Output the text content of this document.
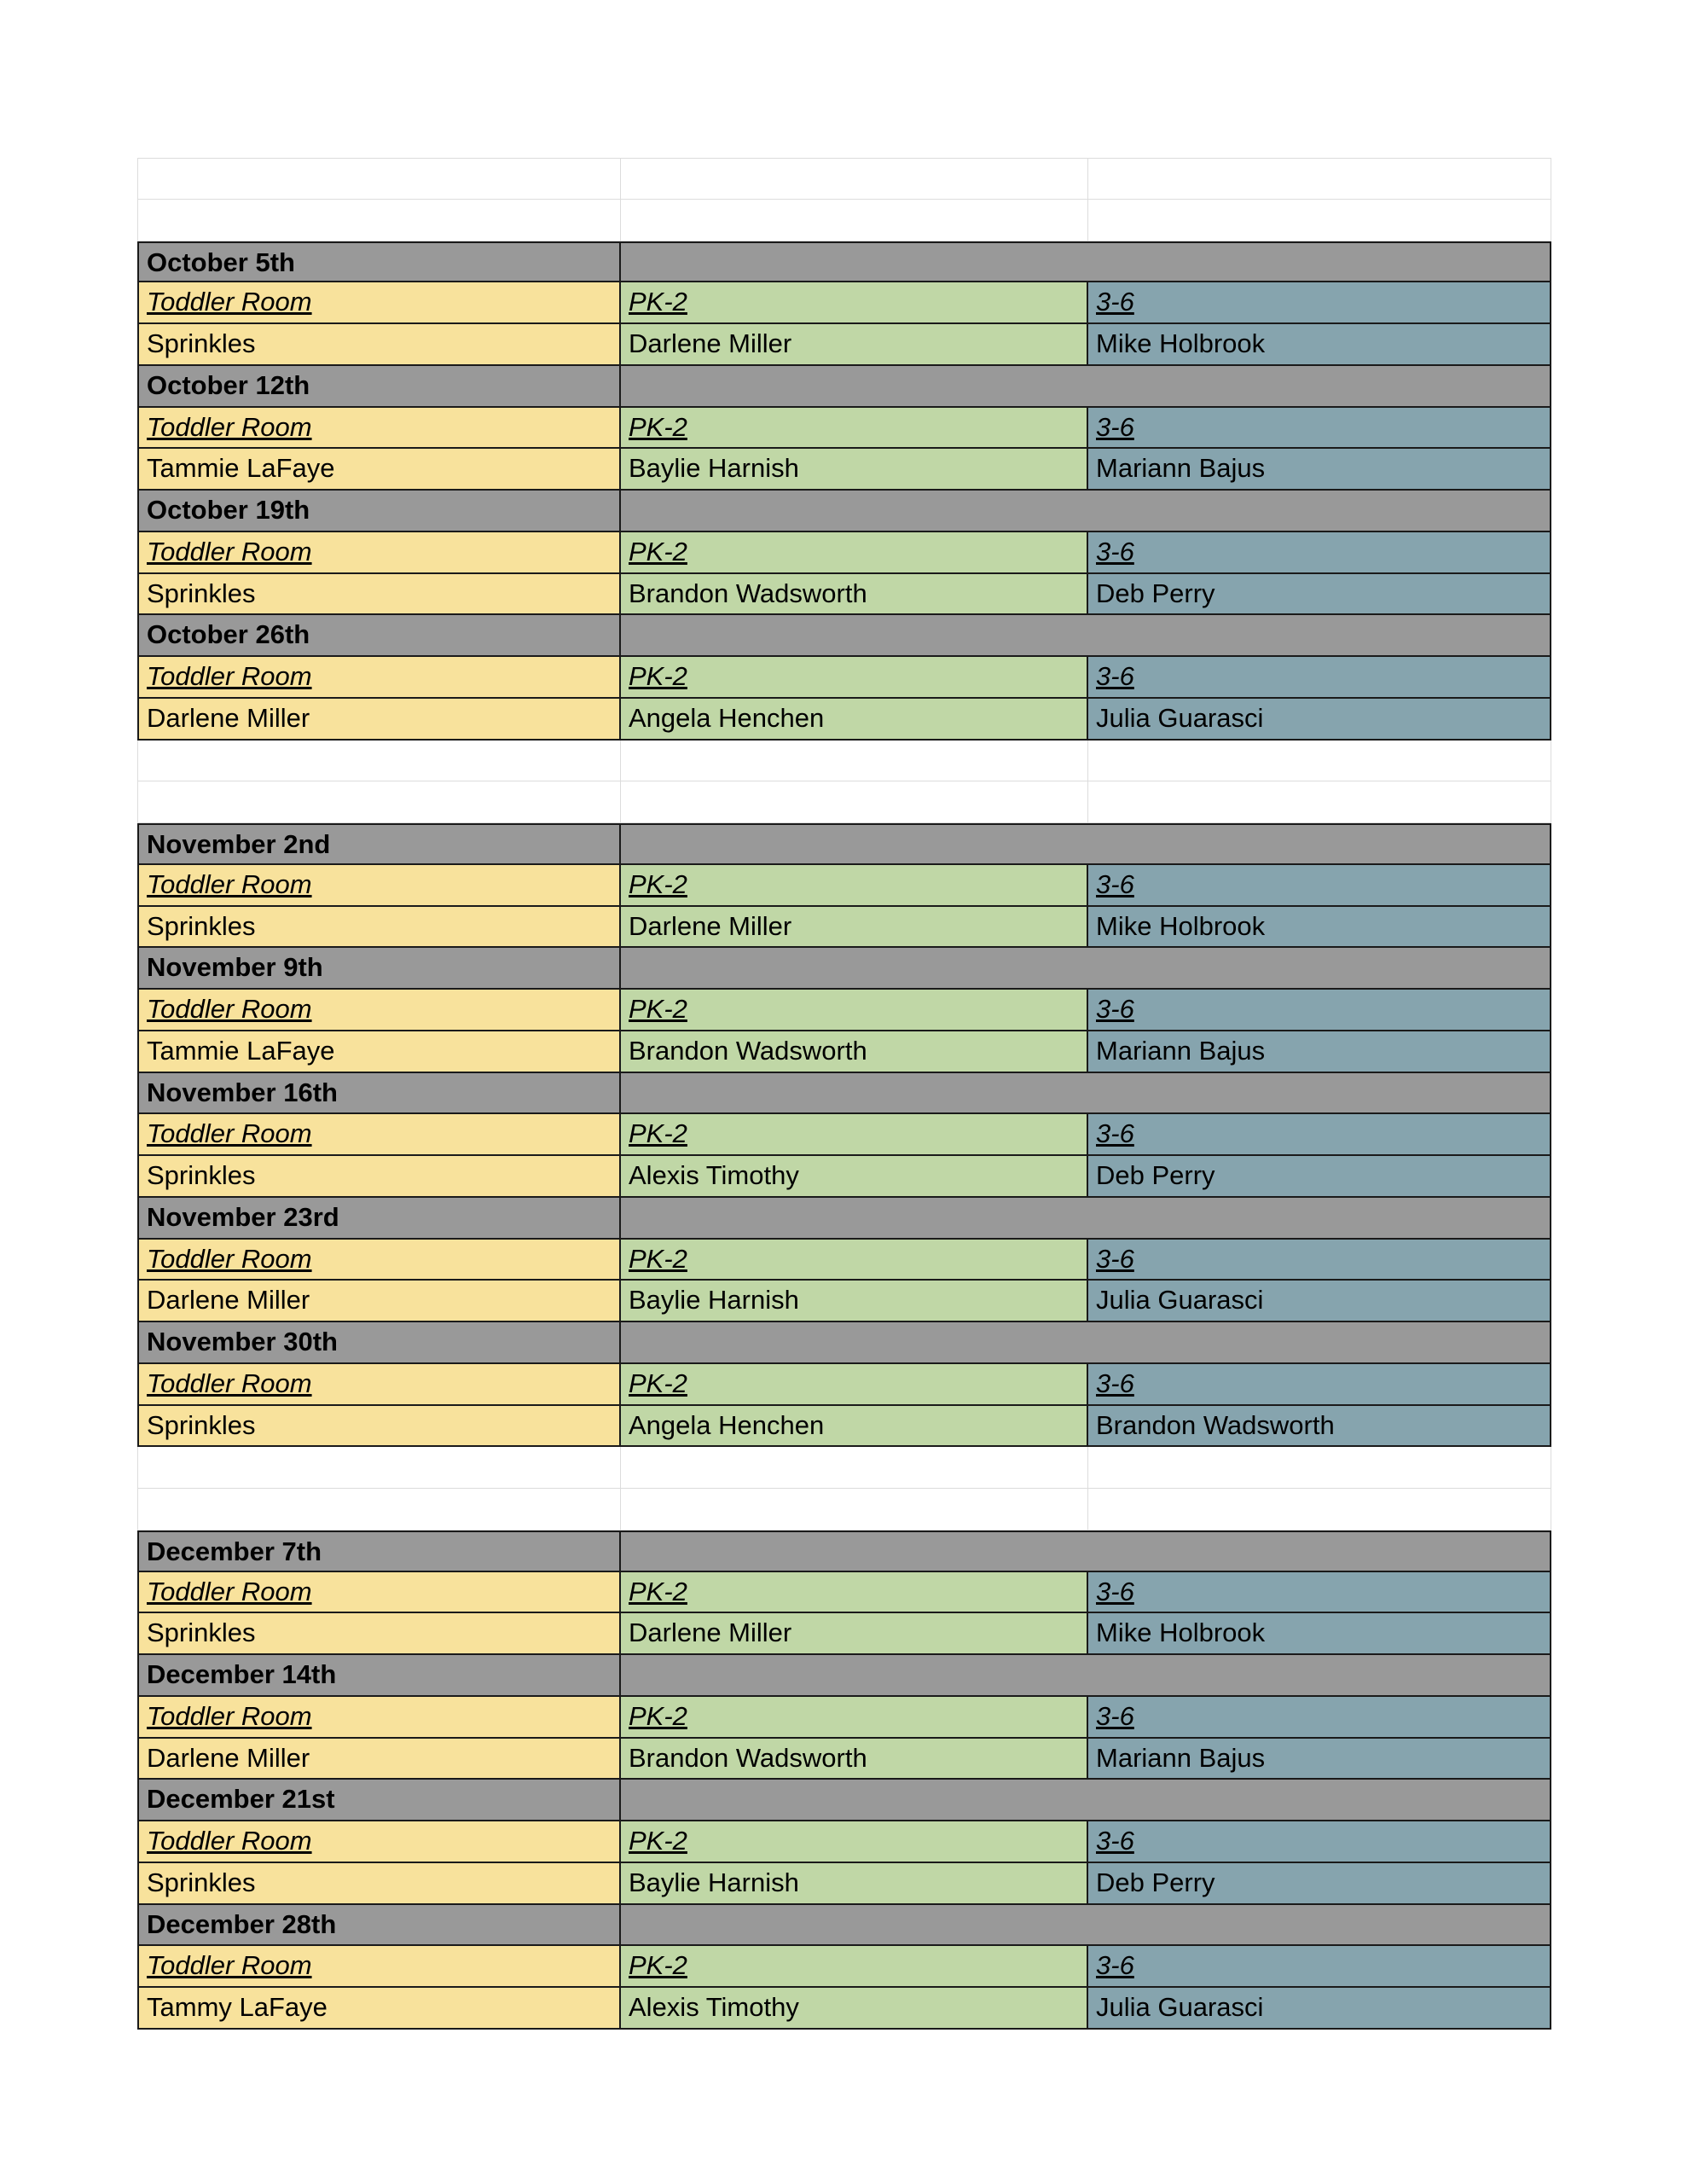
October 5th
Toddler Room	PK-2	3-6
Sprinkles	Darlene Miller	Mike Holbrook
October 12th
Toddler Room	PK-2	3-6
Tammie LaFaye	Baylie Harnish	Mariann Bajus
October 19th
Toddler Room	PK-2	3-6
Sprinkles	Brandon Wadsworth	Deb Perry
October 26th
Toddler Room	PK-2	3-6
Darlene Miller	Angela Henchen	Julia Guarasci
November 2nd
Toddler Room	PK-2	3-6
Sprinkles	Darlene Miller	Mike Holbrook
November 9th
Toddler Room	PK-2	3-6
Tammie LaFaye	Brandon Wadsworth	Mariann Bajus
November 16th
Toddler Room	PK-2	3-6
Sprinkles	Alexis Timothy	Deb Perry
November 23rd
Toddler Room	PK-2	3-6
Darlene Miller	Baylie Harnish	Julia Guarasci
November 30th
Toddler Room	PK-2	3-6
Sprinkles	Angela Henchen	Brandon Wadsworth
December 7th
Toddler Room	PK-2	3-6
Sprinkles	Darlene Miller	Mike Holbrook
December 14th
Toddler Room	PK-2	3-6
Darlene Miller	Brandon Wadsworth	Mariann Bajus
December 21st
Toddler Room	PK-2	3-6
Sprinkles	Baylie Harnish	Deb Perry
December 28th
Toddler Room	PK-2	3-6
Tammy LaFaye	Alexis Timothy	Julia Guarasci
